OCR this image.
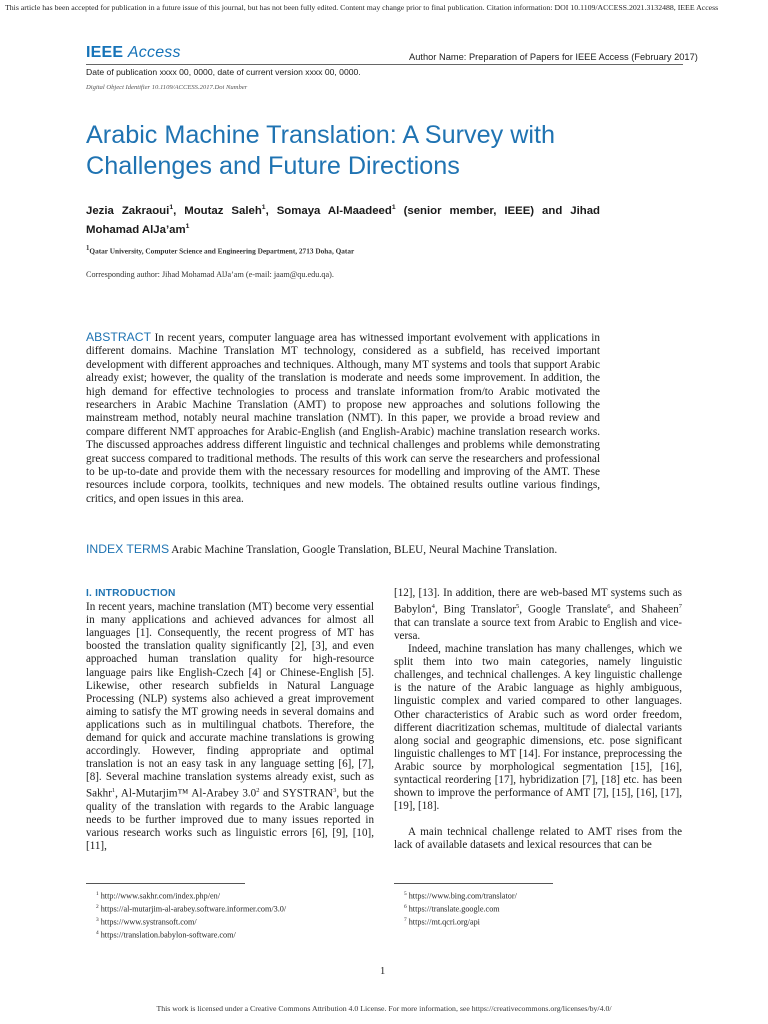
This article has been accepted for publication in a future issue of this journal, but has not been fully edited. Content may change prior to final publication. Citation information: DOI 10.1109/ACCESS.2021.3132488, IEEE Access
IEEE Access	Author Name: Preparation of Papers for IEEE Access (February 2017)
Date of publication xxxx 00, 0000, date of current version xxxx 00, 0000.
Digital Object Identifier 10.1109/ACCESS.2017.Doi Number
Arabic Machine Translation: A Survey with Challenges and Future Directions
Jezia Zakraoui$^1$, Moutaz Saleh$^1$, Somaya Al-Maadeed$^1$ (senior member, IEEE) and Jihad Mohamad $AlJa’am^1$
$^1$Qatar University, Computer Science and Engineering Department, 2713 Doha, Qatar
Corresponding author: Jihad Mohamad AlJa’am (e-mail: jaam@qu.edu.qa).

ABSTRACT In recent years, computer language area has witnessed important evolvement with applications in different domains. Machine Translation MT technology, considered as a subfield, has received important development with different approaches and techniques. Although, many MT systems and tools that support Arabic already exist; however, the quality of the translation is moderate and needs some improvement. In addition, the high demand for effective technologies to process and translate information from/to Arabic motivated the researchers in Arabic Machine Translation (AMT) to propose new approaches and solutions following the mainstream method, notably neural machine translation (NMT). In this paper, we provide a broad review and compare different NMT approaches for Arabic-English (and English-Arabic) machine translation research works. The discussed approaches address different linguistic and technical challenges and problems while demonstrating great success compared to traditional methods. The results of this work can serve the researchers and professional to be up-to-date and provide them with the necessary resources for modelling and improving of the AMT. These resources include corpora, toolkits, techniques and new models. The obtained results outline various findings, critics, and open issues in this area.

INDEX TERMS Arabic Machine Translation, Google Translation, BLEU, Neural Machine Translation.

I. INTRODUCTION

In recent years, machine translation (MT) become very essential in many applications and achieved advances for almost all languages [1]. Consequently, the recent progress of MT has boosted the translation quality significantly [2], [3], and even approached human translation quality for high-resource language pairs like English-Czech [4] or Chinese-English [5]. Likewise, other research subfields in Natural Language Processing (NLP) systems also achieved a great improvement aiming to satisfy the MT growing needs in several domains and applications such as in multilingual chatbots. Therefore, the demand for quick and accurate machine translations is growing accordingly. However, finding appropriate and optimal translation is not an easy task in any language setting [6], [7], [8]. Several machine translation systems already exist, such as Sakhr$^1$, Al-Mutarjim™ Al-Arabey $3.0^2$ and SYSTRAN$^3$, but the quality of the translation with regards to the Arabic language needs to be further improved due to many issues reported in various research works such as linguistic errors [6], [9], [10], [11],

[12], [13]. In addition, there are web-based MT systems such as Babylon$^4$, Bing Translator$^5$, Google Translate$^6$, and Shaheen$^7$ that can translate a source text from Arabic to English and vice-versa.

Indeed, machine translation has many challenges, which we split them into two main categories, namely linguistic challenges, and technical challenges. A key linguistic challenge is the nature of the Arabic language as highly ambiguous, linguistic complex and varied compared to other languages. Other characteristics of Arabic such as word order freedom, different diacritization schemas, multitude of dialectal variants along social and geographic dimensions, etc. pose significant linguistic challenges to MT [14]. For instance, preprocessing the Arabic source by morphological segmentation [15], [16], syntactical reordering [17], hybridization [7], [18] etc. has been shown to improve the performance of AMT [7], [15], [16], [17], [19], [18].

A main technical challenge related to AMT rises from the lack of available datasets and lexical resources that can be

$^1$ http://www.sakhr.com/index.php/en/
$^2$ https://al-mutarjim-al-arabey.software.informer.com/3.0/
$^3$ https://www.systransoft.com/
$^4$ https://translation.babylon-software.com/
$^5$ https://www.bing.com/translator/
$^6$ https://translate.google.com
$^7$ https://mt.qcri.org/api
1
This work is licensed under a Creative Commons Attribution 4.0 License. For more information, see https://creativecommons.org/licenses/by/4.0/
